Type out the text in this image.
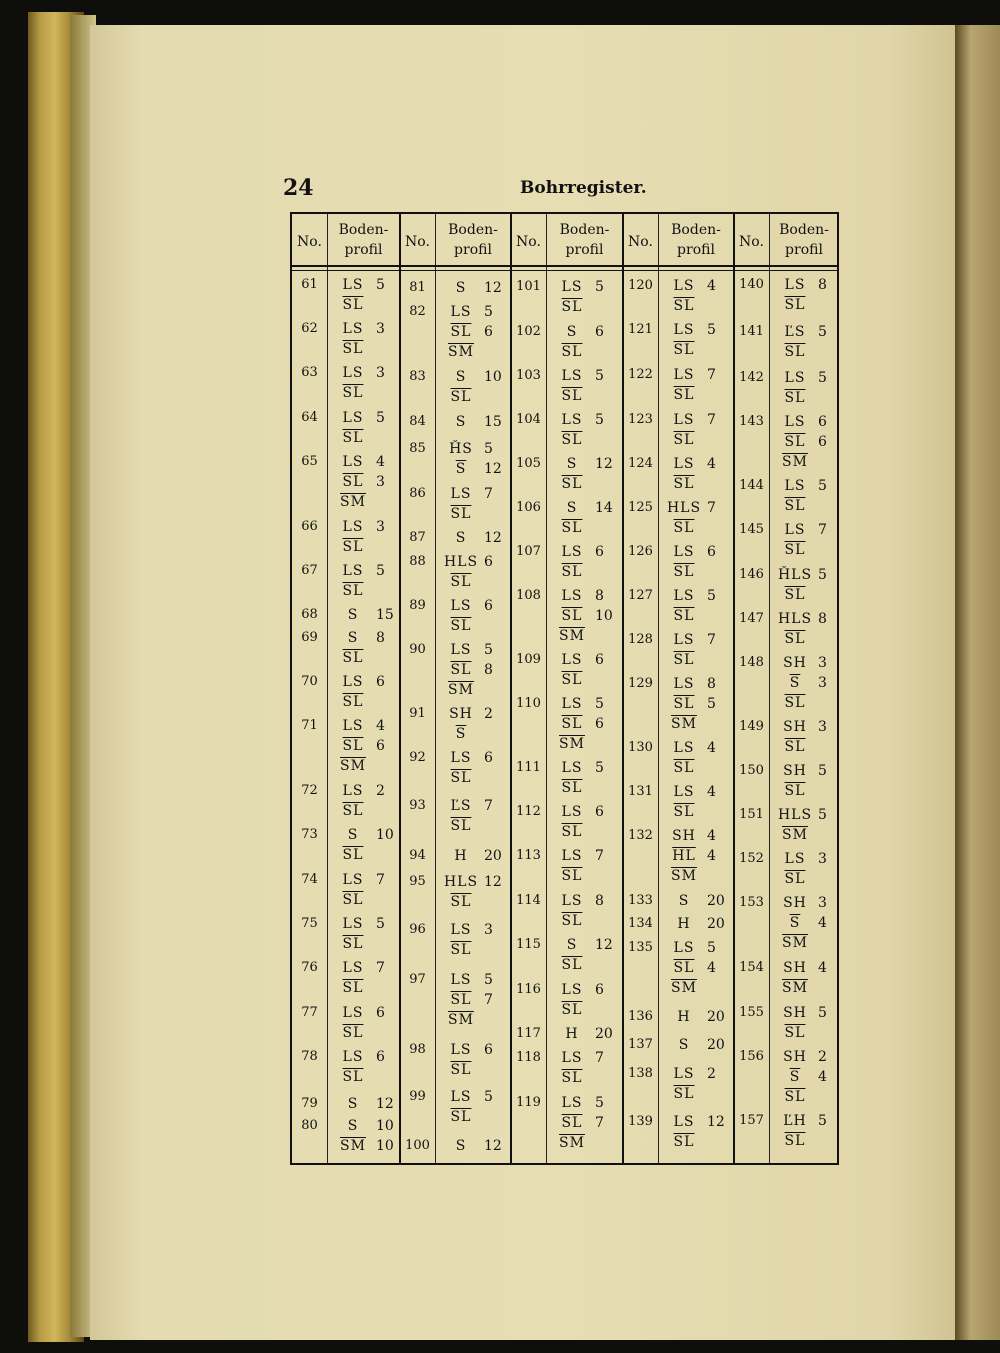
24	Bohrregister.
No.
Boden-
profil	No.
Boden-
profil	No.
Boden-
profil	No.
Boden-
profil	No.
Boden-
profil
61	LS 5
$\overline{SL}$
62	LS 3
$\overline{SL}$
63	LS 3
$\overline{SL}$
64	LS 5
$\overline{SL}$
65	LS 4
$\overline{SL}$ 3
$\overline{SM}$
66	LS 3
$\overline{SL}$
67	LS 5
$\overline{SL}$
68	S	15
69	S	8
$\overline{SL}$
70	LS 6
$\overline{SL}$
71	LS 4
$\overline{SL}$ 6
$\overline{SM}$
72	LS 2
$\overline{SL}$
73	S	10
$\overline{SL}$
74	LS 7
$\overline{SL}$
75	LS 5
$\overline{SL}$
76	LS 7
$\overline{SL}$
77	LS 6
$\overline{SL}$
78	LS 6
$\overline{SL}$
79	S	12
80	S	10
$\overline{SM}$ 10
81	S	12
82	LS 5
$\overline{SL}$ 6
$\overline{SM}$
83	S	10
$\overline{SL}$
84	S	15
85	ȞS 5
$\overline{S}$	12
86	LS 7
$\overline{SL}$
87	S	12
88	HLS 6
$\overline{SL}$
89	LS 6
$\overline{SL}$
90	LS 5
$\overline{SL}$ 8
$\overline{SM}$
91	SH 2
$\overline{S}$
92	LS 6
$\overline{SL}$
93	ĽS 7
$\overline{SL}$
94	H	20
95	HLS 12
$\overline{SL}$
96	LS 3
$\overline{SL}$
97	LS 5
$\overline{SL}$ 7
$\overline{SM}$
98	LS 6
$\overline{SL}$
99	LS 5
$\overline{SL}$
100	S	12
101	LS 5
$\overline{SL}$
102	S	6
$\overline{SL}$
103	LS 5
$\overline{SL}$
104	LS 5
$\overline{SL}$
105	S	12
$\overline{SL}$
106	S	14
$\overline{SL}$
107	LS 6
$\overline{SL}$
108	LS 8
$\overline{SL}$ 10
$\overline{SM}$
109	LS 6
$\overline{SL}$
110	LS 5
$\overline{SL}$ 6
$\overline{SM}$
111	LS 5
$\overline{SL}$
112	LS 6
$\overline{SL}$
113	LS 7
$\overline{SL}$
114	LS 8
$\overline{SL}$
115	S	12
$\overline{SL}$
116	LS 6
$\overline{SL}$
117	H	20
118	LS 7
$\overline{SL}$
119	LS 5
$\overline{SL}$ 7
$\overline{SM}$
120	LS 4
$\overline{SL}$
121	LS 5
$\overline{SL}$
122	LS 7
$\overline{SL}$
123	LS 7
$\overline{SL}$
124	LS 4
$\overline{SL}$
125	HLS 7
$\overline{SL}$
126	LS 6
$\overline{SL}$
127	LS 5
$\overline{SL}$
128	LS 7
$\overline{SL}$
129	LS 8
$\overline{SL}$ 5
$\overline{SM}$
130	LS 4
$\overline{SL}$
131	LS 4
$\overline{SL}$
132	SH 4
$\overline{HL}$ 4
$\overline{SM}$
133	S	20
134	H	20
135	LS 5
$\overline{SL}$ 4
$\overline{SM}$
136	H	20
137	S	20
138	LS 2
$\overline{SL}$
139	LS 12
$\overline{SL}$
140	LS 8
$\overline{SL}$
141	ĽS 5
$\overline{SL}$
142	LS 5
$\overline{SL}$
143	LS 6
$\overline{SL}$ 6
$\overline{SM}$
144	LS 5
$\overline{SL}$
145	LS 7
$\overline{SL}$
146	ȞLS 5
$\overline{SL}$
147	HLS 8
$\overline{SL}$
148	SH 3
$\overline{S}$	3
$\overline{SL}$
149	SH 3
$\overline{SL}$
150	SH 5
$\overline{SL}$
151	HLS 5
$\overline{SM}$
152	LS 3
$\overline{SL}$
153	SH 3
$\overline{S}$	4
$\overline{SM}$
154	SH 4
$\overline{SM}$
155	SH 5
$\overline{SL}$
156	SH 2
$\overline{S}$	4
$\overline{SL}$
157	ĽH 5
$\overline{SL}$
